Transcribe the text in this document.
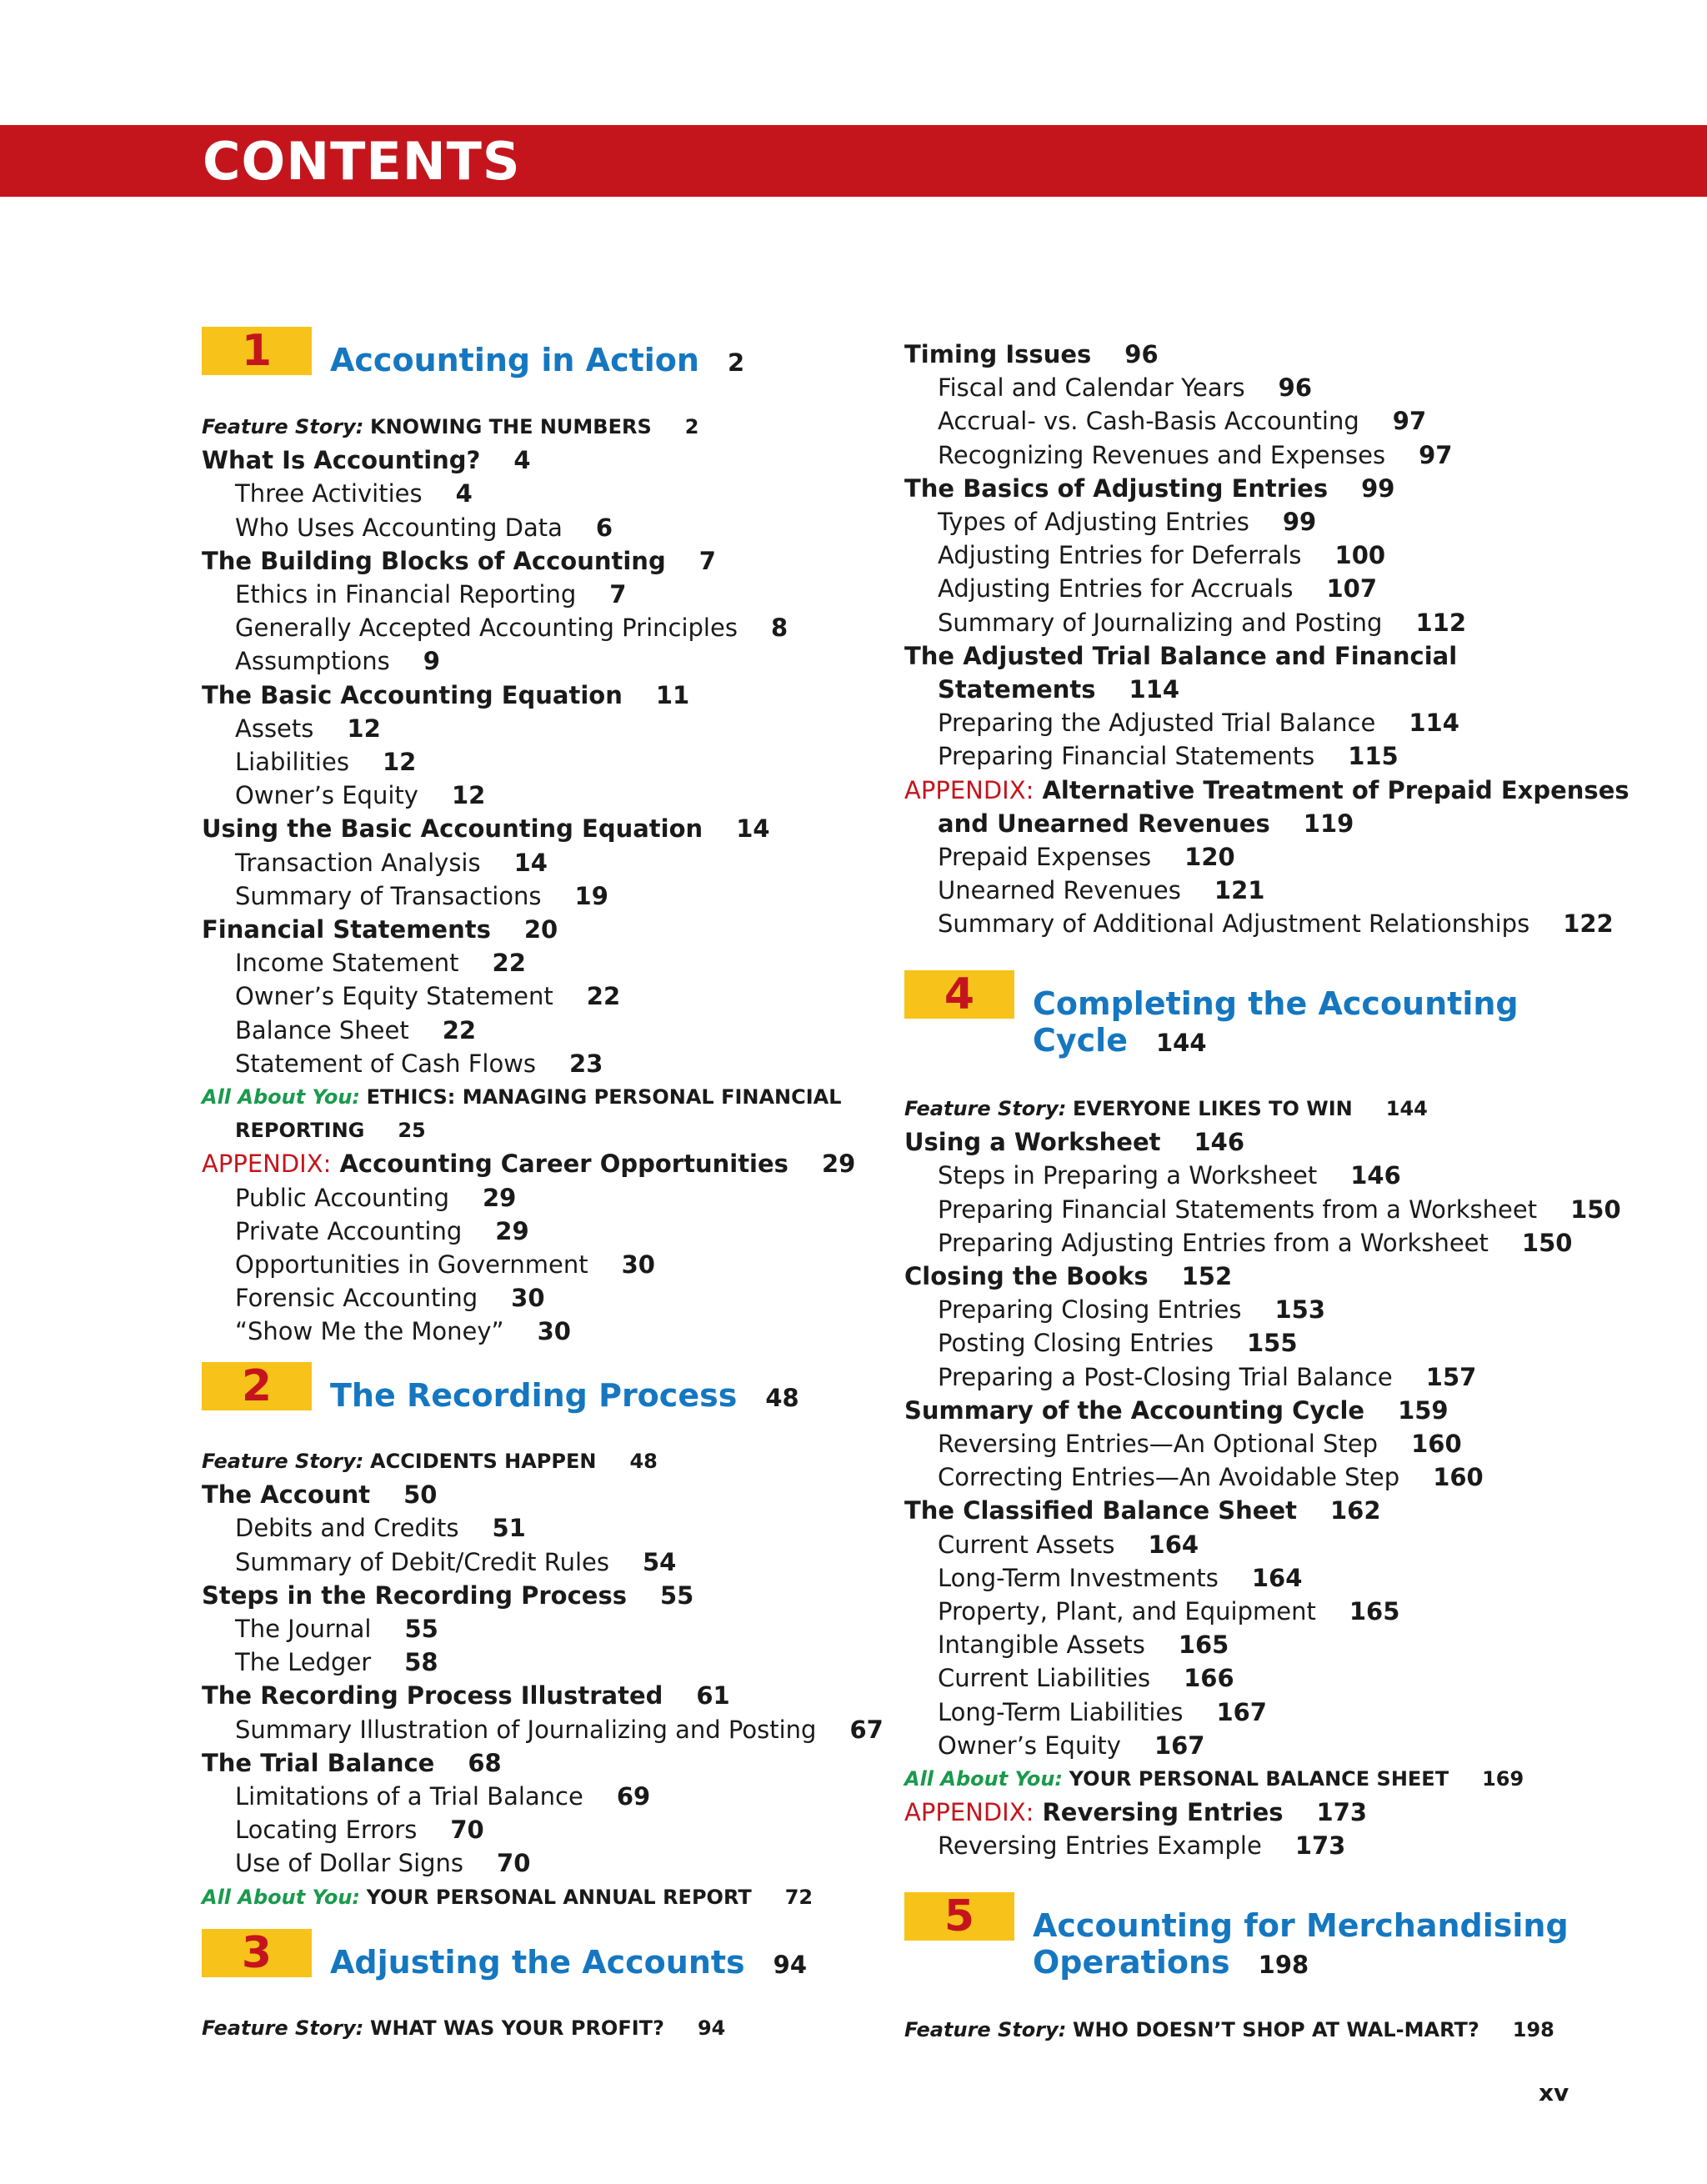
CONTENTS
1	Accounting in Action 2
Feature Story: KNOWING THE NUMBERS 2
What Is Accounting? 4
Three Activities 4
Who Uses Accounting Data 6
The Building Blocks of Accounting 7
Ethics in Financial Reporting 7
Generally Accepted Accounting Principles 8
Assumptions 9
The Basic Accounting Equation 11
Assets 12
Liabilities 12
Owner’s Equity 12
Using the Basic Accounting Equation 14
Transaction Analysis 14
Summary of Transactions 19
Financial Statements 20
Income Statement 22
Owner’s Equity Statement 22
Balance Sheet 22
Statement of Cash Flows 23
All About You: ETHICS: MANAGING PERSONAL FINANCIAL
REPORTING 25
APPENDIX: Accounting Career Opportunities 29
Public Accounting 29
Private Accounting 29
Opportunities in Government 30
Forensic Accounting 30
“Show Me the Money” 30
2	The Recording Process 48
Feature Story: ACCIDENTS HAPPEN 48
The Account 50
Debits and Credits 51
Summary of Debit/Credit Rules 54
Steps in the Recording Process 55
The Journal 55
The Ledger 58
The Recording Process Illustrated 61
Summary Illustration of Journalizing and Posting 67
The Trial Balance 68
Limitations of a Trial Balance 69
Locating Errors 70
Use of Dollar Signs 70
All About You: YOUR PERSONAL ANNUAL REPORT 72
3	Adjusting the Accounts 94
Feature Story: WHAT WAS YOUR PROFIT? 94
Timing Issues 96
Fiscal and Calendar Years 96
Accrual- vs. Cash-Basis Accounting 97
Recognizing Revenues and Expenses 97
The Basics of Adjusting Entries 99
Types of Adjusting Entries 99
Adjusting Entries for Deferrals 100
Adjusting Entries for Accruals 107
Summary of Journalizing and Posting 112
The Adjusted Trial Balance and Financial
Statements 114
Preparing the Adjusted Trial Balance 114
Preparing Financial Statements 115
APPENDIX: Alternative Treatment of Prepaid Expenses
and Unearned Revenues 119
Prepaid Expenses 120
Unearned Revenues 121
Summary of Additional Adjustment Relationships 122
4	Completing the Accounting
Cycle 144
Feature Story: EVERYONE LIKES TO WIN 144
Using a Worksheet 146
Steps in Preparing a Worksheet 146
Preparing Financial Statements from a Worksheet 150
Preparing Adjusting Entries from a Worksheet 150
Closing the Books 152
Preparing Closing Entries 153
Posting Closing Entries 155
Preparing a Post-Closing Trial Balance 157
Summary of the Accounting Cycle 159
Reversing Entries—An Optional Step 160
Correcting Entries—An Avoidable Step 160
The Classified Balance Sheet 162
Current Assets 164
Long-Term Investments 164
Property, Plant, and Equipment 165
Intangible Assets 165
Current Liabilities 166
Long-Term Liabilities 167
Owner’s Equity 167
All About You: YOUR PERSONAL BALANCE SHEET 169
APPENDIX: Reversing Entries 173
Reversing Entries Example 173
5	Accounting for Merchandising
Operations 198
Feature Story: WHO DOESN’T SHOP AT WAL-MART? 198
xv
